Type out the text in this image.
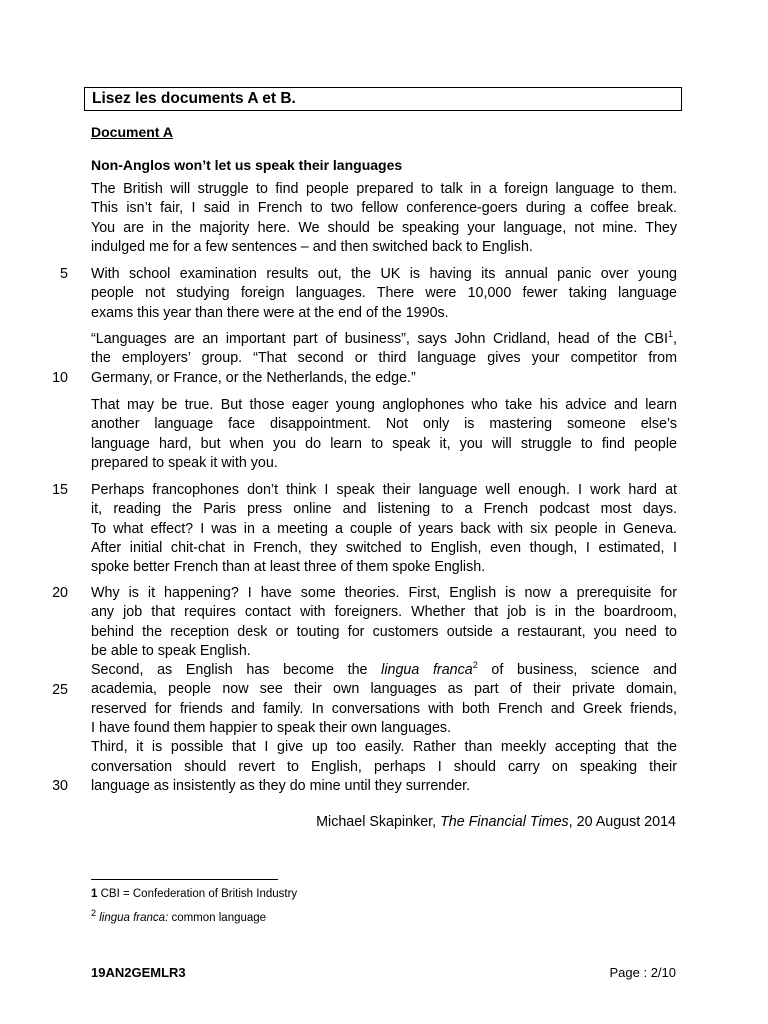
Lisez les documents A et B.
Document A
Non-Anglos won’t let us speak their languages

The British will struggle to find people prepared to talk in a foreign language to them.
This isn’t fair, I said in French to two fellow conference-goers during a coffee break.
You are in the majority here. We should be speaking your language, not mine. They
indulged me for a few sentences – and then switched back to English.

With school examination results out, the UK is having its annual panic over young
people not studying foreign languages. There were 10,000 fewer taking language
exams this year than there were at the end of the 1990s.

“Languages are an important part of business”, says John Cridland, head of the CBI$^1$,
the employers’ group. “That second or third language gives your competitor from
Germany, or France, or the Netherlands, the edge.”

That may be true. But those eager young anglophones who take his advice and learn
another language face disappointment. Not only is mastering someone else’s
language hard, but when you do learn to speak it, you will struggle to find people
prepared to speak it with you.

Perhaps francophones don’t think I speak their language well enough. I work hard at
it, reading the Paris press online and listening to a French podcast most days.
To what effect? I was in a meeting a couple of years back with six people in Geneva.
After initial chit-chat in French, they switched to English, even though, I estimated, I
spoke better French than at least three of them spoke English.

Why is it happening? I have some theories. First, English is now a prerequisite for
any job that requires contact with foreigners. Whether that job is in the boardroom,
behind the reception desk or touting for customers outside a restaurant, you need to
be able to speak English.
Second, as English has become the lingua franca$^2$ of business, science and
academia, people now see their own languages as part of their private domain,
reserved for friends and family. In conversations with both French and Greek friends,
I have found them happier to speak their own languages.
Third, it is possible that I give up too easily. Rather than meekly accepting that the
conversation should revert to English, perhaps I should carry on speaking their
language as insistently as they do mine until they surrender.

5
10
15
20
25
30
Michael Skapinker, The Financial Times, 20 August 2014
1 CBI = Confederation of British Industry
$^2$ lingua franca: common language
19AN2GEMLR3	Page : 2/10
